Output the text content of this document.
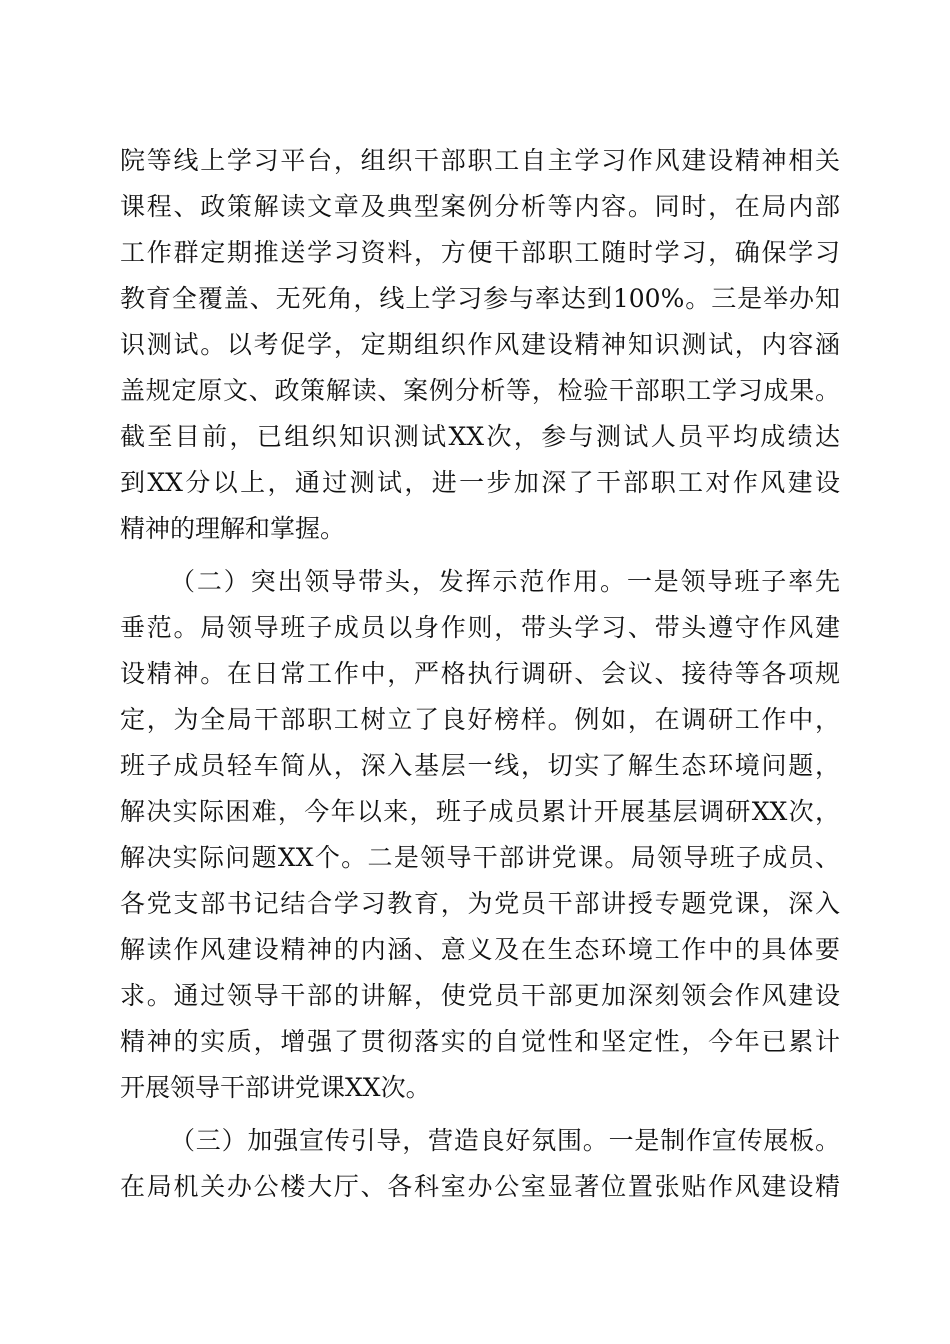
院等线上学习平台，组织干部职工自主学习作风建设精神相关
课程、政策解读文章及典型案例分析等内容。同时，在局内部
工作群定期推送学习资料，方便干部职工随时学习，确保学习
教育全覆盖、无死角，线上学习参与率达到100%。三是举办知
识测试。以考促学，定期组织作风建设精神知识测试，内容涵
盖规定原文、政策解读、案例分析等，检验干部职工学习成果。
截至目前，已组织知识测试XX次，参与测试人员平均成绩达
到XX分以上，通过测试，进一步加深了干部职工对作风建设
精神的理解和掌握。
（二）突出领导带头，发挥示范作用。一是领导班子率先
垂范。局领导班子成员以身作则，带头学习、带头遵守作风建
设精神。在日常工作中，严格执行调研、会议、接待等各项规
定，为全局干部职工树立了良好榜样。例如，在调研工作中，
班子成员轻车简从，深入基层一线，切实了解生态环境问题，
解决实际困难，今年以来，班子成员累计开展基层调研XX次，
解决实际问题XX个。二是领导干部讲党课。局领导班子成员、
各党支部书记结合学习教育，为党员干部讲授专题党课，深入
解读作风建设精神的内涵、意义及在生态环境工作中的具体要
求。通过领导干部的讲解，使党员干部更加深刻领会作风建设
精神的实质，增强了贯彻落实的自觉性和坚定性，今年已累计
开展领导干部讲党课XX次。
（三）加强宣传引导，营造良好氛围。一是制作宣传展板。
在局机关办公楼大厅、各科室办公室显著位置张贴作风建设精
